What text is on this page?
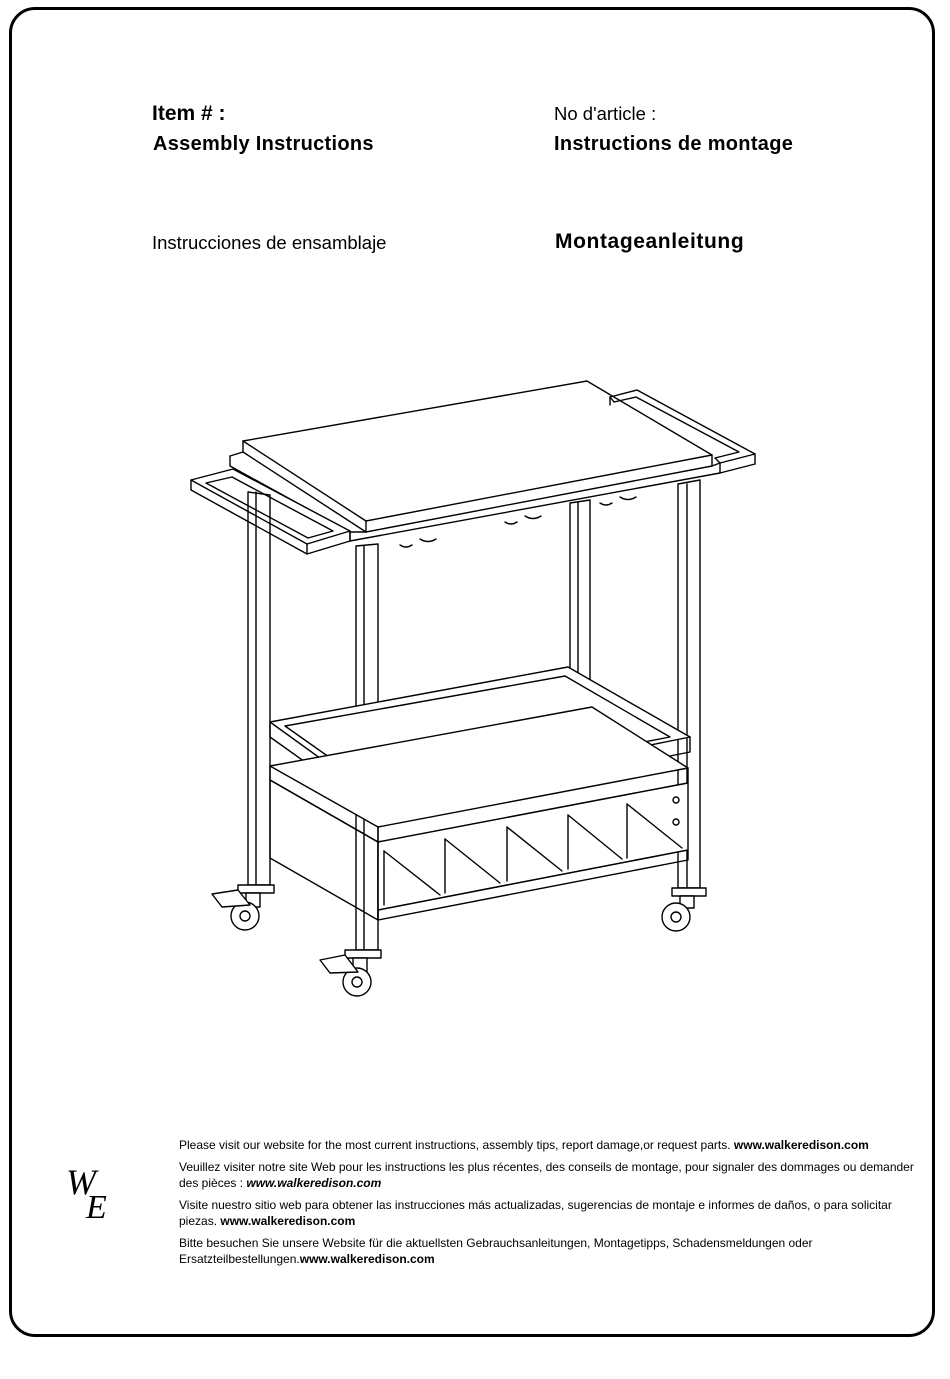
Item # :
Assembly Instructions
No d'article :
Instructions de montage
Instrucciones de ensamblaje	Montageanleitung
W
E

Please visit our website for the most current instructions, assembly tips, report damage,or request parts. www.walkeredison.com

Veuillez visiter notre site Web pour les instructions les plus récentes, des conseils de montage, pour signaler des dommages ou demander des pièces : www.walkeredison.com

Visite nuestro sitio web para obtener las instrucciones más actualizadas, sugerencias de montaje e informes de daños, o para solicitar piezas. www.walkeredison.com

Bitte besuchen Sie unsere Website für die aktuellsten Gebrauchsanleitungen, Montagetipps, Schadensmeldungen oder Ersatzteilbestellungen.www.walkeredison.com
